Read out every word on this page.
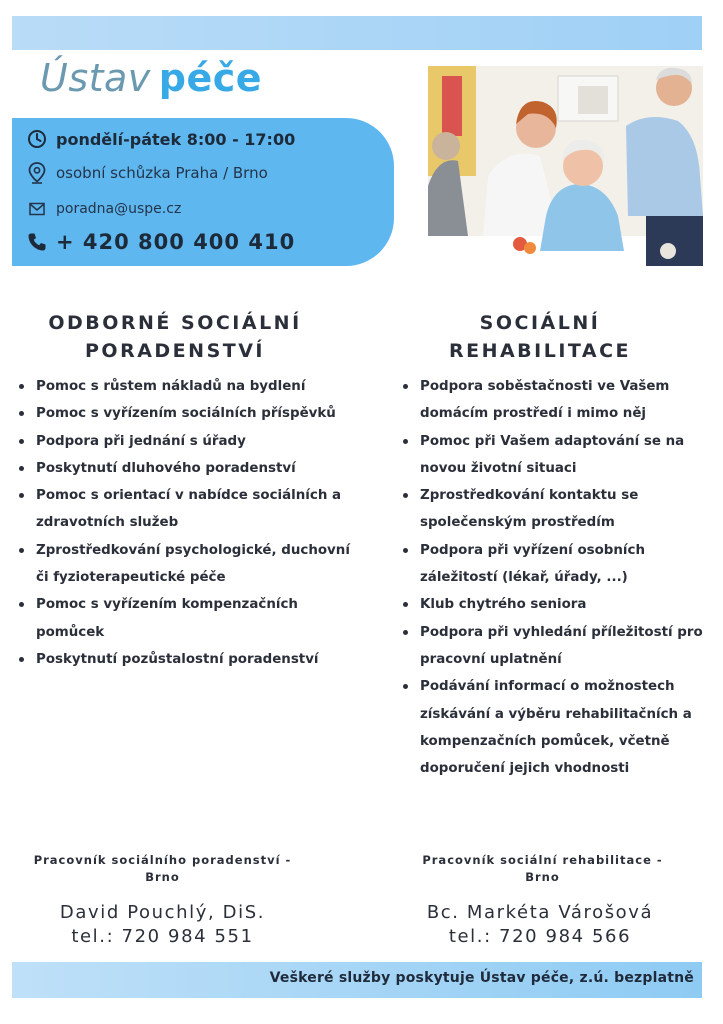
Ústav péče
pondělí-pátek 8:00 - 17:00
osobní schůzka Praha / Brno
poradna@uspe.cz
+ 420 800 400 410
ODBORNÉ SOCIÁLNÍ
PORADENSTVÍ
SOCIÁLNÍ
REHABILITACE
Pomoc s růstem nákladů na bydlení
Pomoc s vyřízením sociálních příspěvků
Podpora při jednání s úřady
Poskytnutí dluhového poradenství
Pomoc s orientací v nabídce sociálních a zdravotních služeb
Zprostředkování psychologické, duchovní či fyzioterapeutické péče
Pomoc s vyřízením kompenzačních pomůcek
Poskytnutí pozůstalostní poradenství
Podpora soběstačnosti ve Vašem domácím prostředí i mimo něj
Pomoc při Vašem adaptování se na novou životní situaci
Zprostředkování kontaktu se společenským prostředím
Podpora při vyřízení osobních záležitostí (lékař, úřady, ...)
Klub chytrého seniora
Podpora při vyhledání příležitostí pro pracovní uplatnění
Podávání informací o možnostech získávání a výběru rehabilitačních a kompenzačních pomůcek, včetně doporučení jejich vhodnosti
Pracovník sociálního poradenství -
Brno
David Pouchlý, DiS.
tel.: 720 984 551
Pracovník sociální rehabilitace -
Brno
Bc. Markéta Várošová
tel.: 720 984 566
Veškeré služby poskytuje Ústav péče, z.ú. bezplatně
